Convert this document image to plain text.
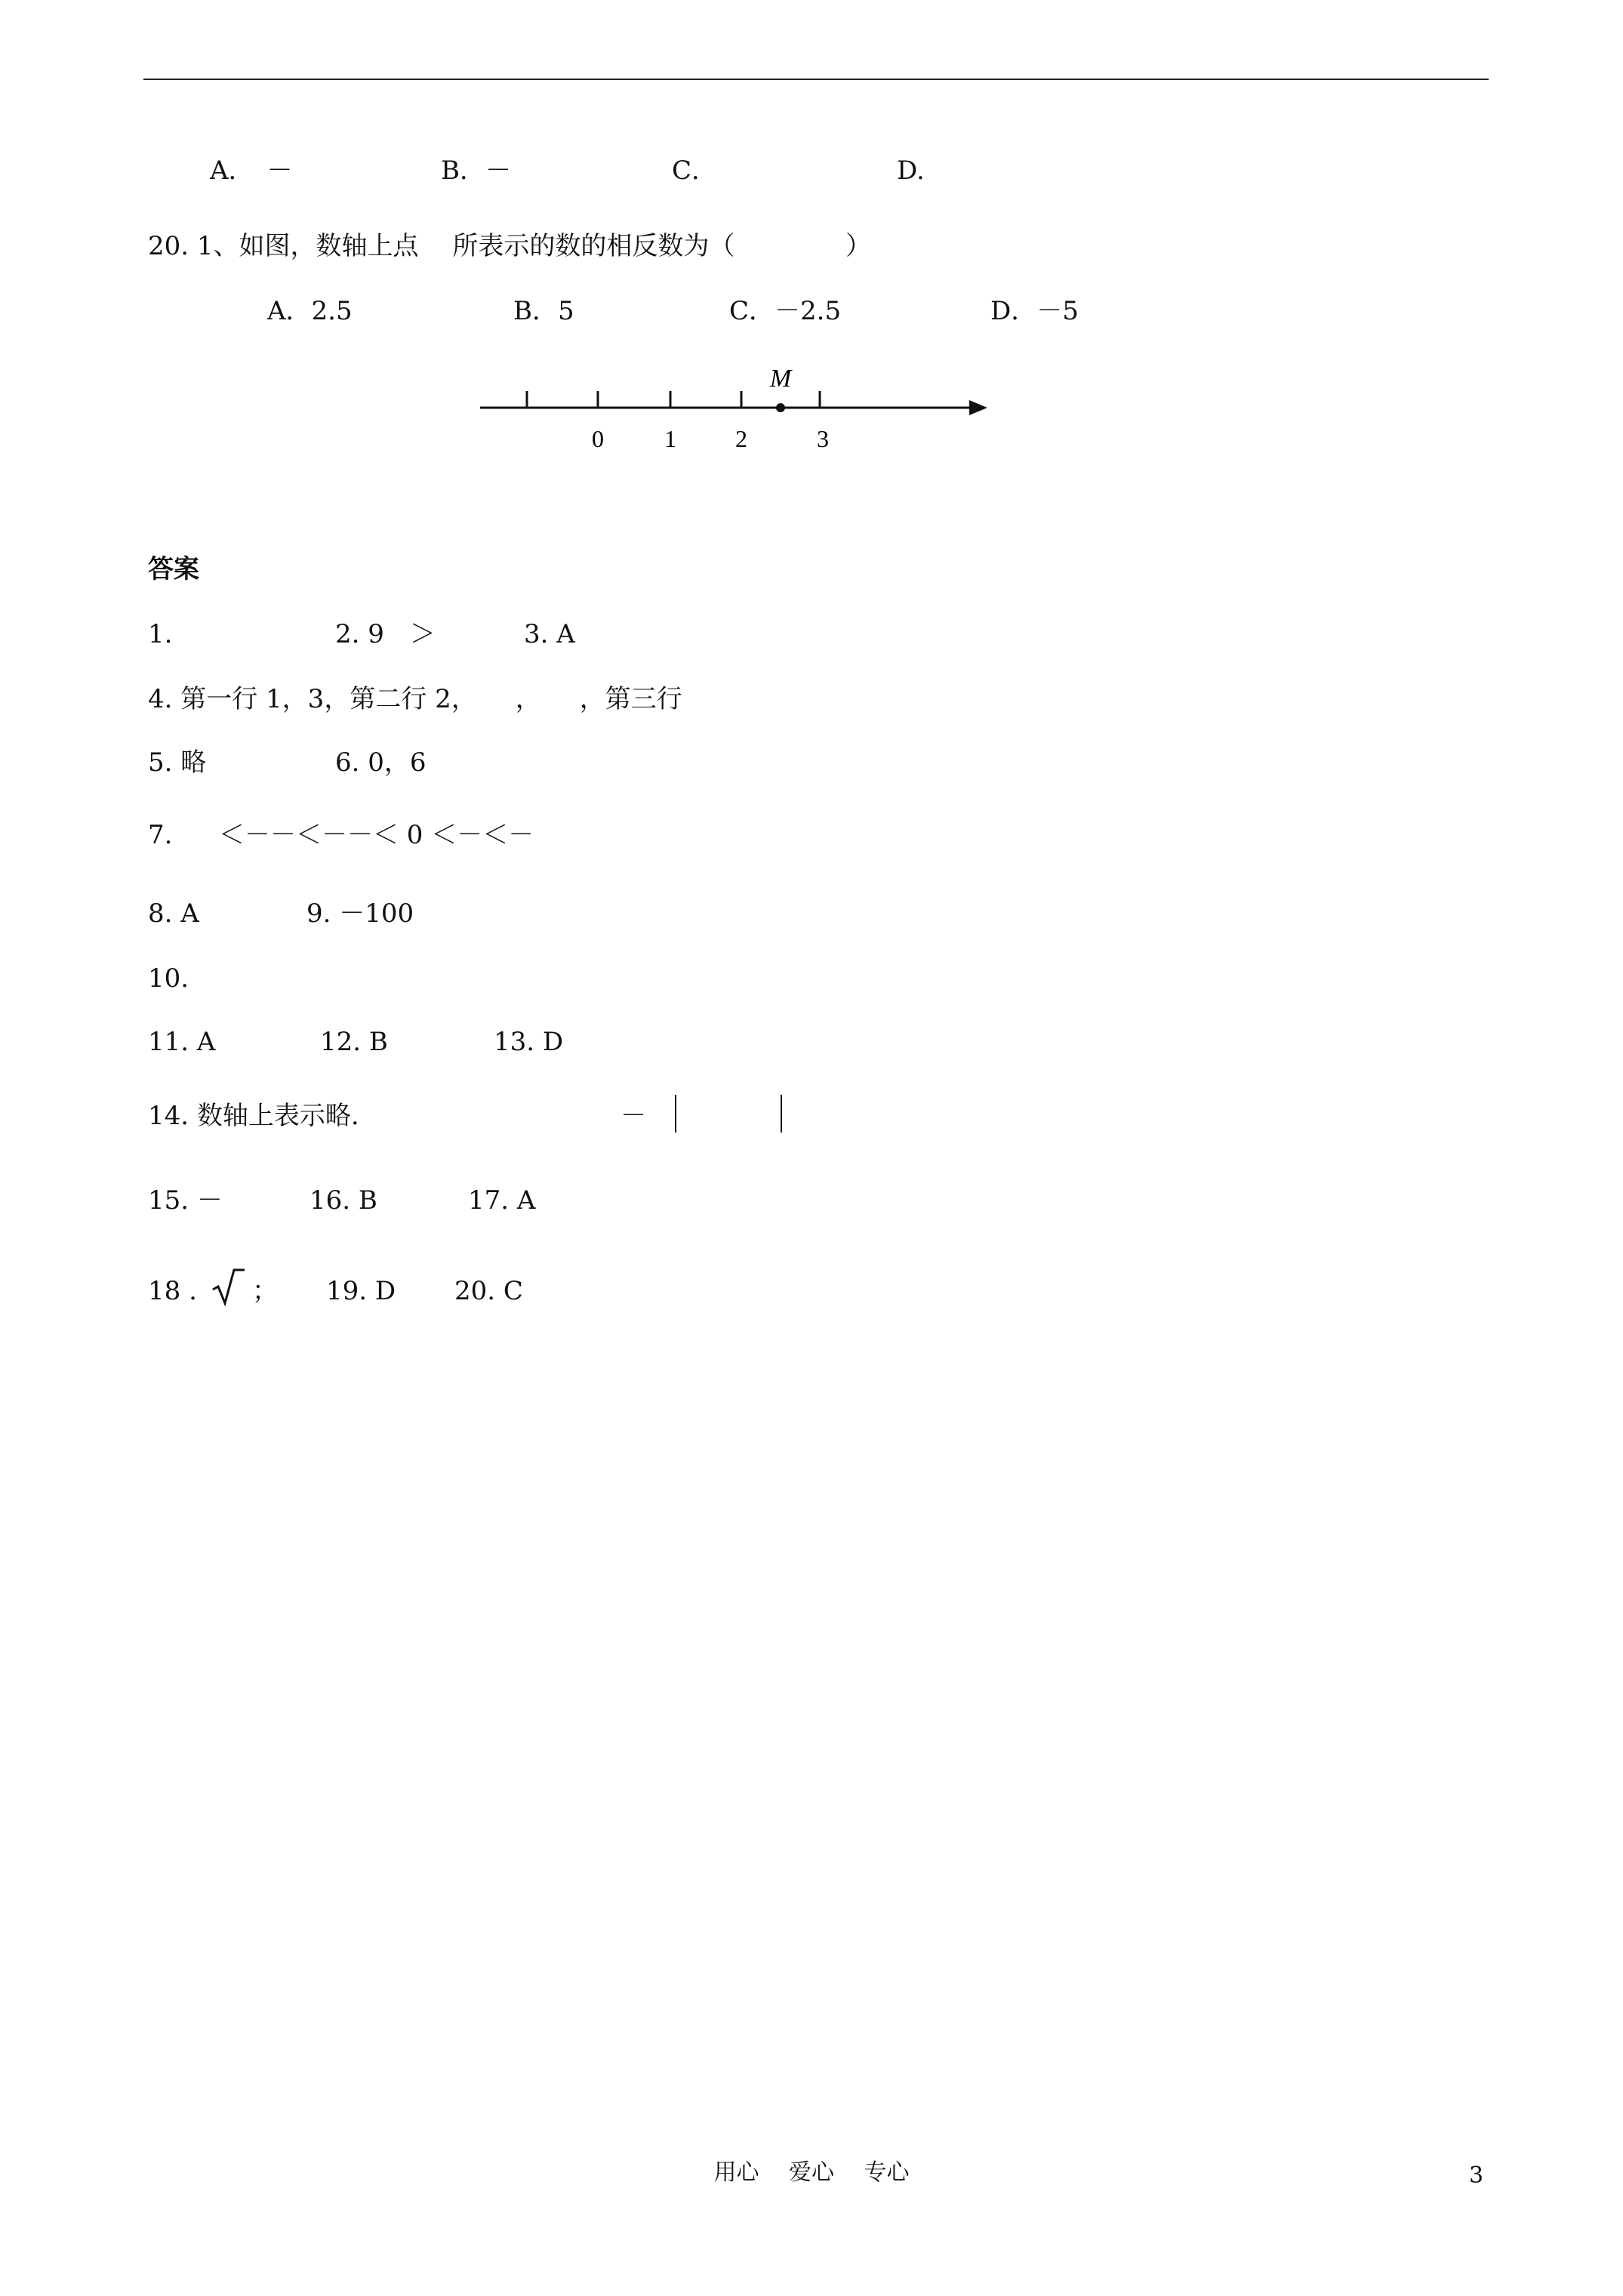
A．　－	B．－	C．	D.
20. 1、如图，数轴上点　 所表示的数的相反数为（　　　　 ）
A．2.5	B．5	C．－2.5	D．－5
M
0	1 2	3
答案
1.	2. 9　＞	3. A
4. 第一行 1，3，第二行 2，　　，　　，第三行
5. 略	6. 0，6
7. ＜－－＜－－＜ 0 ＜－＜－
8. A	9. －100
10.
11. A	12. B	13. D
14. 数轴上表示略.	－
15. －	16. B	17. A
18 . ； 19. D 20. C
用心　 爱心　 专心	3
